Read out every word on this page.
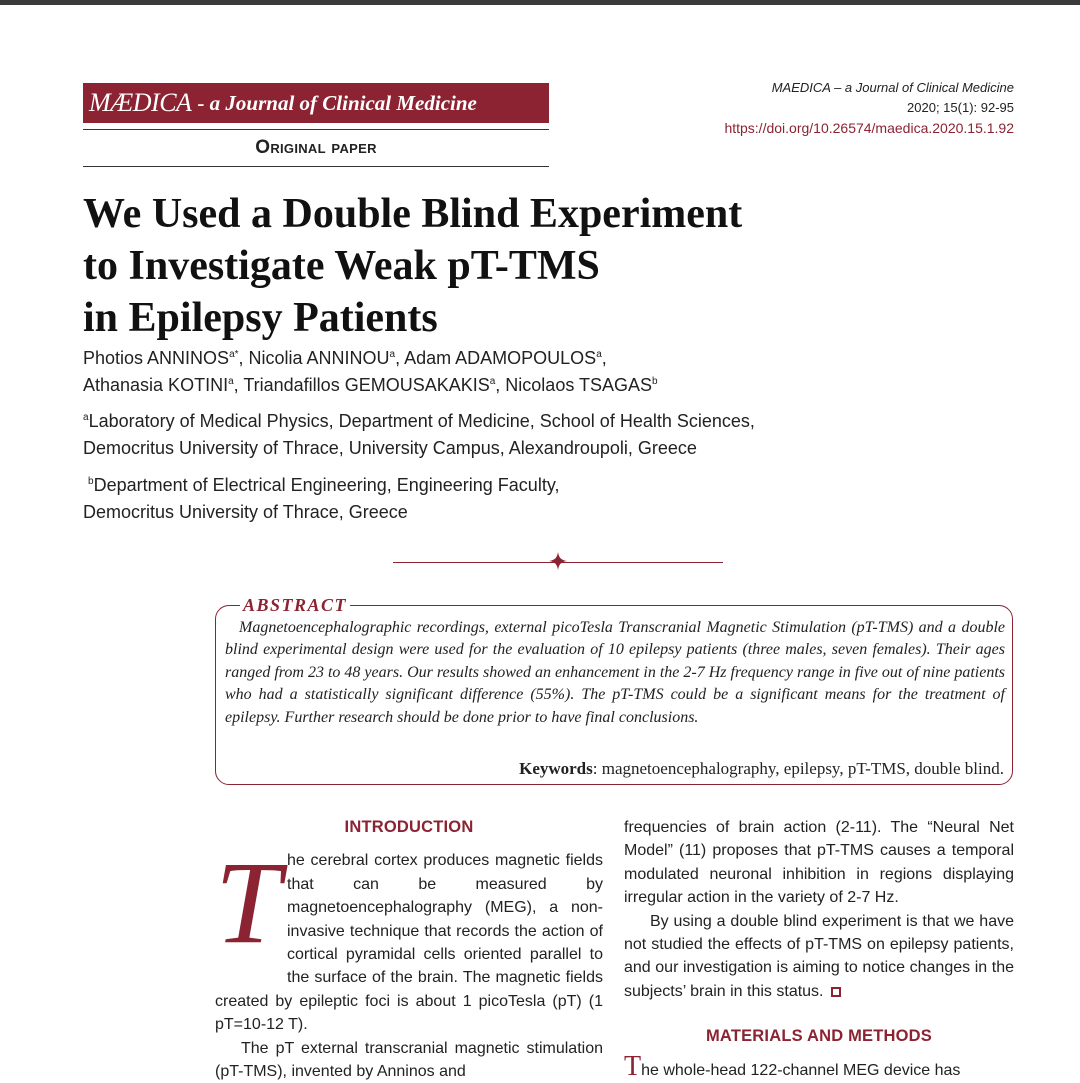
MÆDICA - a Journal of Clinical Medicine
Original paper
MAEDICA – a Journal of Clinical Medicine
2020; 15(1): 92-95
https://doi.org/10.26574/maedica.2020.15.1.92
We Used a Double Blind Experiment
to Investigate Weak pT-TMS
in Epilepsy Patients
Photios $ANNINOS^{a*}$, Nicolia ANNINOU$^a$, Adam ADAMOPOULOS$^a$,
Athanasia KOTINI$^a$, Triandafillos GEMOUSAKAKIS$^a$, Nicolaos TSAGAS$^b$
$^a$Laboratory of Medical Physics, Department of Medicine, School of Health Sciences,
Democritus University of Thrace, University Campus, Alexandroupoli, Greece
$^b$Department of Electrical Engineering, Engineering Faculty,
Democritus University of Thrace, Greece
ABSTRACT
Magnetoencephalographic recordings, external picoTesla Transcranial Magnetic Stimulation (pT-TMS) and a double blind experimental design were used for the evaluation of 10 epilepsy patients (three males, seven females). Their ages ranged from 23 to 48 years. Our results showed an enhancement in the 2-7 Hz frequency range in five out of nine patients who had a statistically significant difference (55%). The pT-TMS could be a significant means for the treatment of epilepsy. Further research should be done prior to have final conclusions.
Keywords: magnetoencephalography, epilepsy, pT-TMS, double blind.
INTRODUCTION
T he cerebral cortex produces magnetic fields that can be measured by magnetoencephalography (MEG), a non-invasive technique that records the action of cortical pyramidal cells oriented parallel to the surface of the brain. The magnetic fields created by epileptic foci is about 1 picoTesla (pT) (1 pT=10-12 T).

The pT external transcranial magnetic stimulation (pT-TMS), invented by Anninos and

frequencies of brain action (2-11). The “Neural Net Model” (11) proposes that pT-TMS causes a temporal modulated neuronal inhibition in regions displaying irregular action in the variety of 2-7 Hz.

By using a double blind experiment is that we have not studied the effects of pT-TMS on epilepsy patients, and our investigation is aiming to notice changes in the subjects’ brain in this status.

MATERIALS AND METHODS

The whole-head 122-channel MEG device has
